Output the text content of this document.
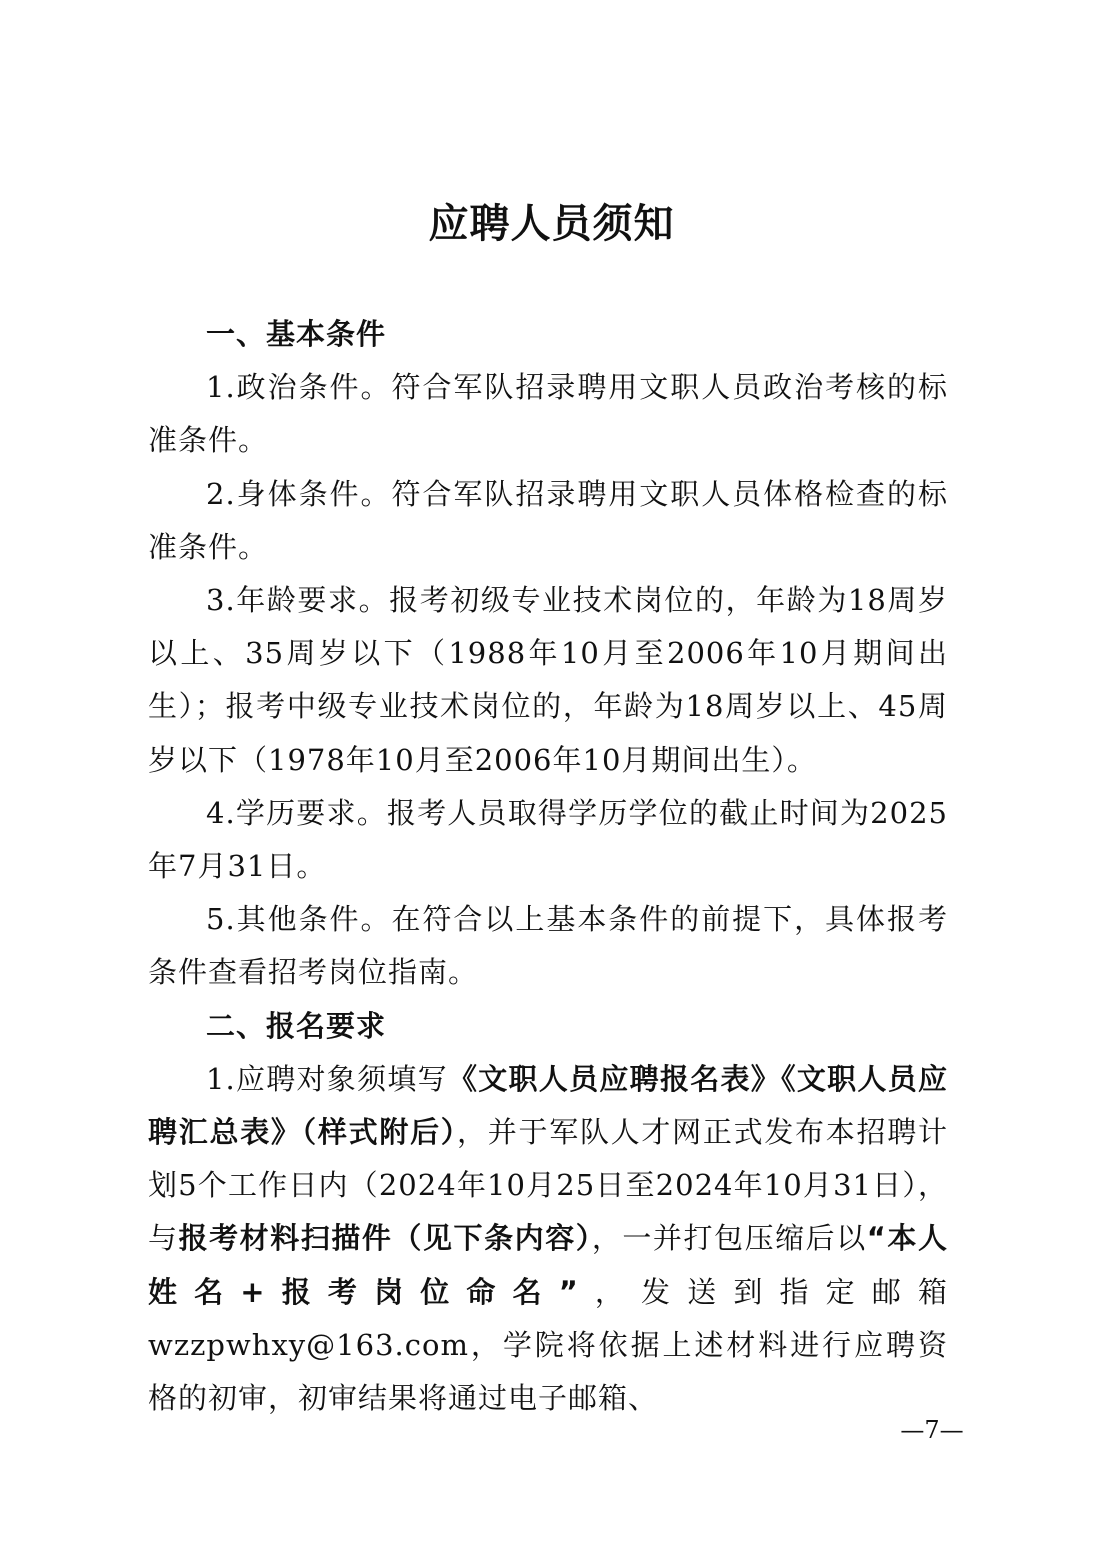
应聘人员须知
一、基本条件

1.政治条件。符合军队招录聘用文职人员政治考核的标准条件。

2.身体条件。符合军队招录聘用文职人员体格检查的标准条件。

3.年龄要求。报考初级专业技术岗位的，年龄为18周岁以上、35周岁以下（1988年10月至2006年10月期间出生）；报考中级专业技术岗位的，年龄为18周岁以上、45周岁以下（1978年10月至2006年10月期间出生）。

4.学历要求。报考人员取得学历学位的截止时间为2025年7月31日。

5.其他条件。在符合以上基本条件的前提下，具体报考条件查看招考岗位指南。

二、报名要求

1.应聘对象须填写《文职人员应聘报名表》《文职人员应聘汇总表》（样式附后），并于军队人才网正式发布本招聘计划5个工作日内（2024年10月25日至2024年10月31日），与报考材料扫描件（见下条内容），一并打包压缩后以“本人姓名+报考岗位命名”，发送到指定邮箱wzzpwhxy@163.com，学院将依据上述材料进行应聘资格的初审，初审结果将通过电子邮箱、

—7—
